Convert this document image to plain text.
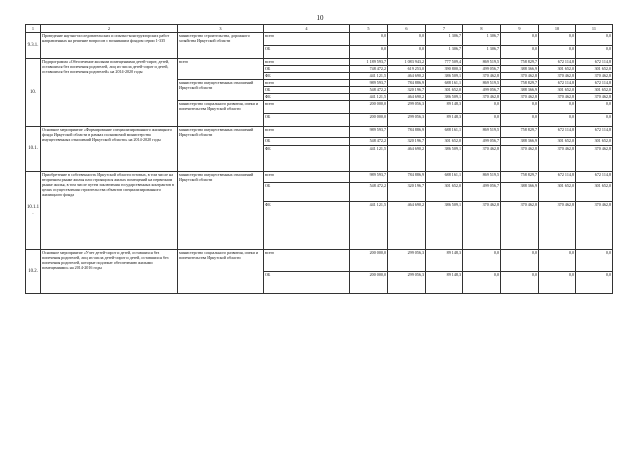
10
1	2	3	4	5	6	7	8	9	10	11
9.3.1.	Проведение научно-исследовательских и опытно-конструкторских работ направленных на решение вопросов с возникшим фондом серии 1-335	министерство строительства, дорожного хозяйства Иркутской области	всего	0,0	0,0	1 306,7	1 306,7	0,0	0,0	0,0
			ОБ	0,0	0,0	1 306,7	1 306,7	0,0	0,0	0,0
10.	Подпрограмма «Обеспечение жилыми помещениями детей-сирот, детей, оставшихся без попечения родителей, лиц из числа детей-сирот и детей, оставшихся без попечения родителей» на 2014-2020 годы	всего	всего	1 189 593,7	1 083 943,2	777 509,4	869 519,5	758 829,7	672 114,8	672 114,8
			ОБ	748 472,2	619 253,0	390 800,3	499 056,7	388 366,9	301 652,0	301 652,0
			ФБ	441 121,5	464 690,2	386 509,1	370 462,8	370 462,8	370 462,8	370 462,8
		министерство имущественных отношений Иркутской области	всего	989 593,7	784 886,9	688 161,1	869 519,5	758 829,7	672 114,8	672 114,8
			ОБ	548 472,2	320 196,7	301 652,0	499 056,7	388 366,9	301 652,0	301 652,0
			ФБ	441 121,5	464 690,2	386 509,1	370 462,8	370 462,8	370 462,8	370 462,8
		министерство социального развития, опеки и попечительства Иркутской области	всего	200 000,0	299 056,3	89 148,3	0,0	0,0	0,0	0,0
			ОБ	200 000,0	299 056,3	89 148,3	0,0	0,0	0,0	0,0
10.1.	Основное мероприятие «Формирование специализированного жилищного фонда Иркутской области в рамках полномочий министерства имущественных отношений Иркутской области» на 2014-2020 годы	министерство имущественных отношений Иркутской области	всего	989 593,7	784 886,9	688 161,1	869 519,5	758 829,7	672 114,8	672 114,8
			ОБ	548 472,2	320 196,7	301 652,0	499 056,7	388 366,9	301 652,0	301 652,0
			ФБ	441 121,5	464 690,2	386 509,1	370 462,8	370 462,8	370 462,8	370 462,8
10.1.1.	Приобретение в собственность Иркутской области готовых, в том числе на вторичном рынке жилья или строящихся жилых помещений на первичном рынке жилья, в том числе путем заключения государственных контрактов в целях осуществления строительства объектов специализированного жилищного фонда	министерство имущественных отношений Иркутской области	всего	989 593,7	784 886,9	688 161,1	869 519,5	758 829,7	672 114,8	672 114,8
			ОБ	548 472,2	320 196,7	301 652,0	499 056,7	388 366,9	301 652,0	301 652,0
			ФБ	441 121,5	464 690,2	386 509,1	370 462,8	370 462,8	370 462,8	370 462,8
10.2.	Основное мероприятие «Учет детей-сирот и детей, оставшихся без попечения родителей, лиц из числа детей-сирот и детей, оставшихся без попечения родителей, которые подлежат обеспечению жилыми помещениями» на 2014-2016 годы	министерство социального развития, опеки и попечительства Иркутской области	всего	200 000,0	299 056,3	89 148,3	0,0	0,0	0,0	0,0
			ОБ	200 000,0	299 056,3	89 148,3	0,0	0,0	0,0	0,0
